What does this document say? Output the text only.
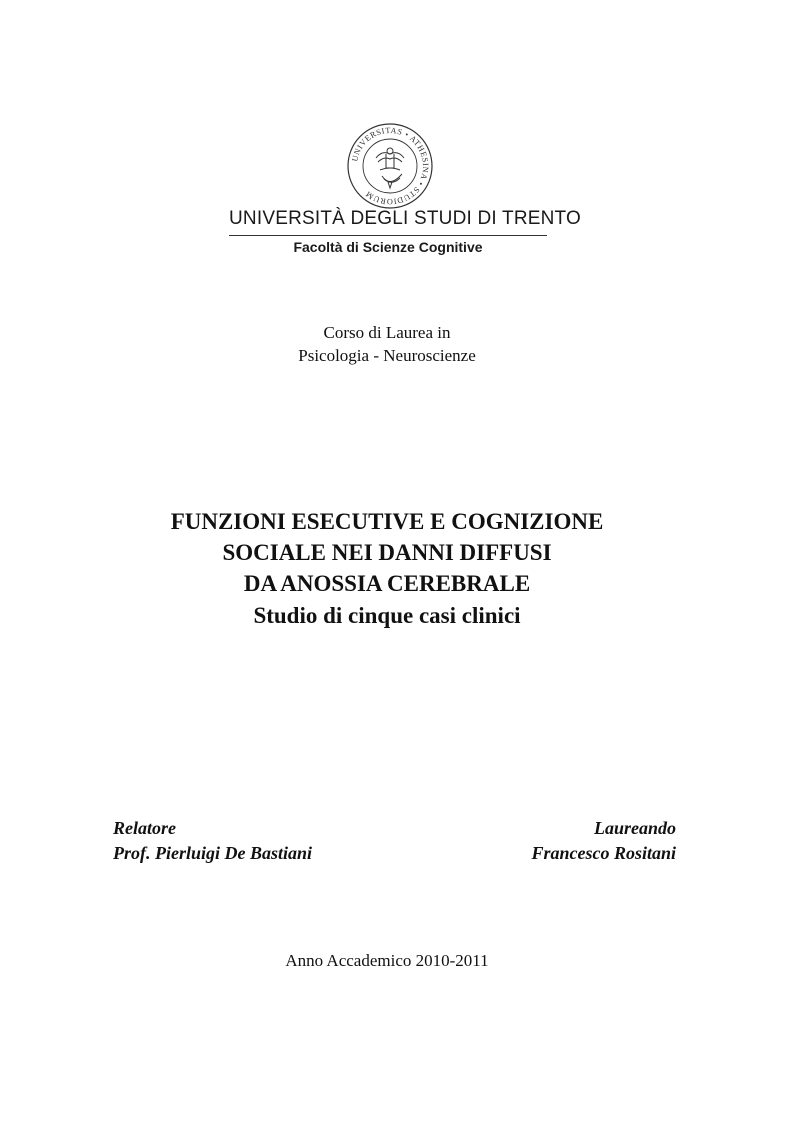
UNIVERSITAS • ATHESINA • STUDIORUM
UNIVERSITÀ DEGLI STUDI DI TRENTO
Facoltà di Scienze Cognitive
Corso di Laurea in
Psicologia - Neuroscienze
FUNZIONI ESECUTIVE E COGNIZIONE
SOCIALE NEI DANNI DIFFUSI
DA ANOSSIA CEREBRALE
Studio di cinque casi clinici
Relatore
Prof. Pierluigi De Bastiani
Laureando
Francesco Rositani
Anno Accademico 2010-2011
